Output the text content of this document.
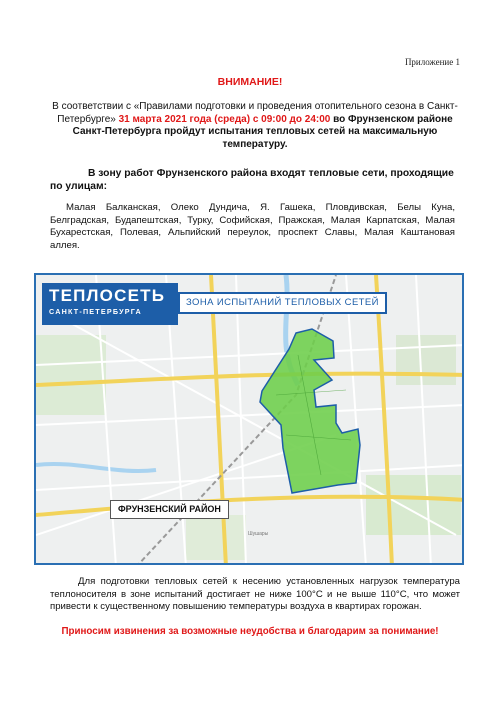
Приложение 1
ВНИМАНИЕ!
В соответствии с «Правилами подготовки и проведения отопительного сезона в Санкт-Петербурге» 31 марта 2021 года (среда) с 09:00 до 24:00 во Фрунзенском районе Санкт-Петербурга пройдут испытания тепловых сетей на максимальную температуру.
В зону работ Фрунзенского района входят тепловые сети, проходящие по улицам:
Малая Балканская, Олеко Дундича, Я. Гашека, Пловдивская, Белы Куна, Белградская, Будапештская, Турку, Софийская, Пражская, Малая Карпатская, Малая Бухарестская, Полевая, Альпийский переулок, проспект Славы, Малая Каштановая аллея.
ТЕПЛОСЕТЬ
САНКТ-ПЕТЕРБУРГА
ЗОНА ИСПЫТАНИЙ ТЕПЛОВЫХ СЕТЕЙ
ФРУНЗЕНСКИЙ РАЙОН
Шушары
Для подготовки тепловых сетей к несению установленных нагрузок температура теплоносителя в зоне испытаний достигает не ниже 100°С и не выше 110°С, что может привести к существенному повышению температуры воздуха в квартирах горожан.
Приносим извинения за возможные неудобства и благодарим за понимание!
